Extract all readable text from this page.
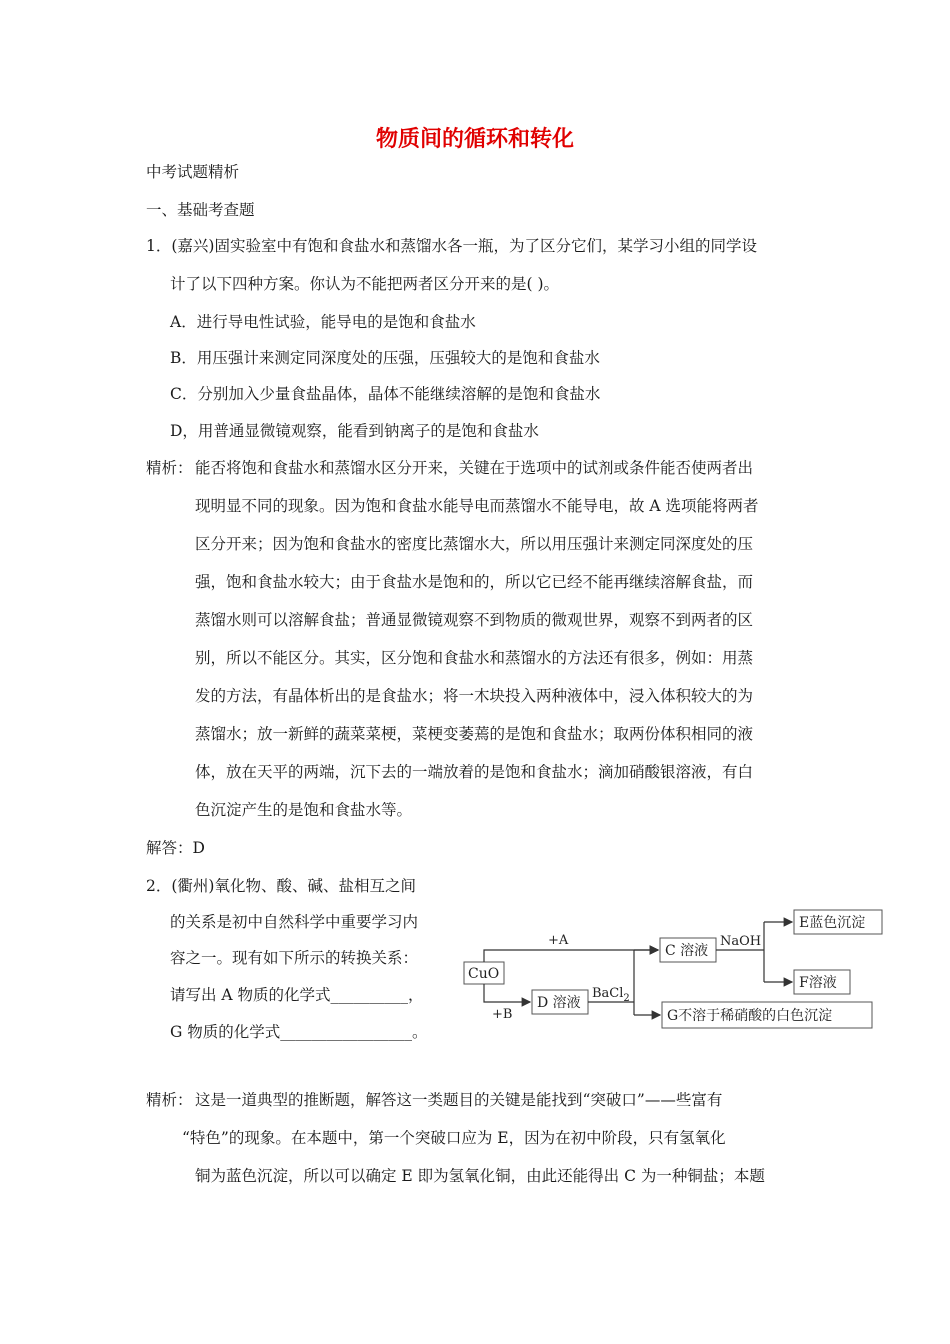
物质间的循环和转化
中考试题精析
一、基础考查题
1．(嘉兴)固实验室中有饱和食盐水和蒸馏水各一瓶，为了区分它们，某学习小组的同学设
计了以下四种方案。你认为不能把两者区分开来的是( )。
A．进行导电性试验，能导电的是饱和食盐水
B．用压强计来测定同深度处的压强，压强较大的是饱和食盐水
C．分别加入少量食盐晶体，晶体不能继续溶解的是饱和食盐水
D，用普通显微镜观察，能看到钠离子的是饱和食盐水
精析： 能否将饱和食盐水和蒸馏水区分开来，关键在于选项中的试剂或条件能否使两者出
现明显不同的现象。因为饱和食盐水能导电而蒸馏水不能导电，故 A 选项能将两者
区分开来；因为饱和食盐水的密度比蒸馏水大，所以用压强计来测定同深度处的压
强，饱和食盐水较大；由于食盐水是饱和的，所以它已经不能再继续溶解食盐，而
蒸馏水则可以溶解食盐；普通显微镜观察不到物质的微观世界，观察不到两者的区
别，所以不能区分。其实，区分饱和食盐水和蒸馏水的方法还有很多，例如：用蒸
发的方法，有晶体析出的是食盐水；将一木块投入两种液体中，浸入体积较大的为
蒸馏水；放一新鲜的蔬菜菜梗，菜梗变萎蔫的是饱和食盐水；取两份体积相同的液
体，放在天平的两端，沉下去的一端放着的是饱和食盐水；滴加硝酸银溶液，有白
色沉淀产生的是饱和食盐水等。
解答：D
2．(衢州)氧化物、酸、碱、盐相互之间
的关系是初中自然科学中重要学习内
容之一。现有如下所示的转换关系：
请写出 A 物质的化学式__________，
G 物质的化学式_________________。
CuO
C 溶液
D 溶液
E蓝色沉淀
F溶液
G不溶于稀硝酸的白色沉淀
+A
+B
NaOH
BaCl$_2$
精析： 这是一道典型的推断题，解答这一类题目的关键是能找到“突破口”——些富有
“特色”的现象。在本题中，第一个突破口应为 E，因为在初中阶段，只有氢氧化
铜为蓝色沉淀，所以可以确定 E 即为氢氧化铜，由此还能得出 C 为一种铜盐；本题
